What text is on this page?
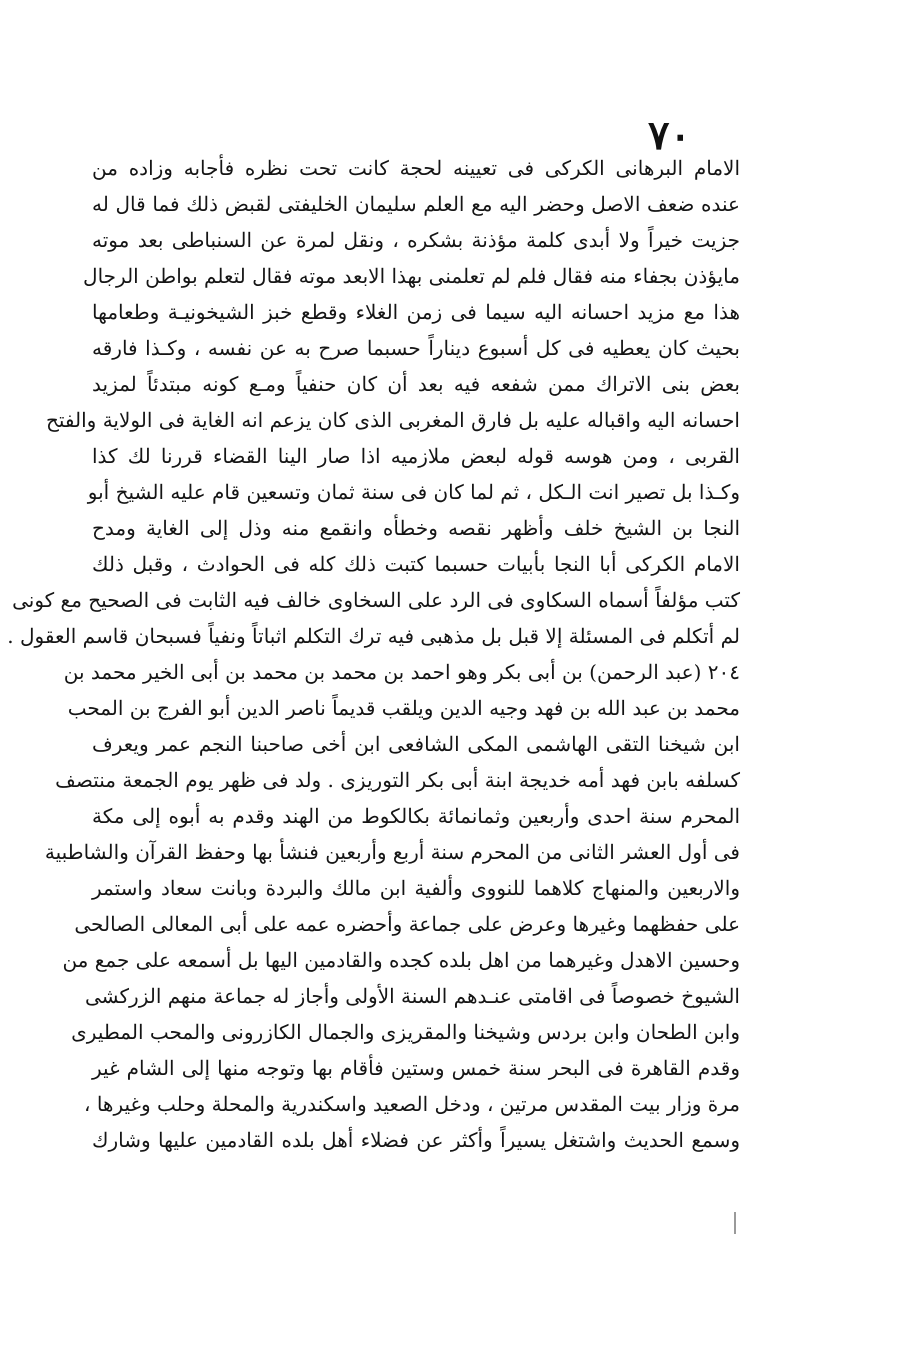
٧٠
الامام البرهانى الكركى فى تعيينه لحجة كانت تحت نظره فأجابه وزاده من
عنده ضعف الاصل وحضر اليه مع العلم سليمان الخليفتى لقبض ذلك فما قال له
جزيت خيراً ولا أبدى كلمة مؤذنة بشكره ، ونقل لمرة عن السنباطى بعد موته
مايؤذن بجفاء منه فقال فلم لم تعلمنى بهذا الابعد موته فقال لتعلم بواطن الرجال
هذا مع مزيد احسانه اليه سيما فى زمن الغلاء وقطع خبز الشيخونيـة وطعامها
بحيث كان يعطيه فى كل أسبوع ديناراً حسبما صرح به عن نفسه ، وكـذا فارقه
بعض بنى الاتراك ممن شفعه فيه بعد أن كان حنفياً ومـع كونه مبتدئاً لمزيد
احسانه اليه واقباله عليه بل فارق المغربى الذى كان يزعم انه الغاية فى الولاية والفتح
القربى ، ومن هوسه قوله لبعض ملازميه اذا صار الينا القضاء قررنا لك كذا
وكـذا بل تصير انت الـكل ، ثم لما كان فى سنة ثمان وتسعين قام عليه الشيخ أبو
النجا بن الشيخ خلف وأظهر نقصه وخطأه وانقمع منه وذل إلى الغاية ومدح
الامام الكركى أبا النجا بأبيات حسبما كتبت ذلك كله فى الحوادث ، وقبل ذلك
كتب مؤلفاً أسماه السكاوى فى الرد على السخاوى خالف فيه الثابت فى الصحيح مع كونى
لم أتكلم فى المسئلة إلا قبل بل مذهبى فيه ترك التكلم اثباتاً ونفياً فسبحان قاسم العقول .
٢٠٤ (عبد الرحمن) بن أبى بكر وهو احمد بن محمد بن محمد بن أبى الخير محمد بن
محمد بن عبد الله بن فهد وجيه الدين ويلقب قديماً ناصر الدين أبو الفرج بن المحب
ابن شيخنا التقى الهاشمى المكى الشافعى ابن أخى صاحبنا النجم عمر ويعرف
كسلفه بابن فهد أمه خديجة ابنة أبى بكر التوريزى . ولد فى ظهر يوم الجمعة منتصف
المحرم سنة احدى وأربعين وثمانمائة بكالكوط من الهند وقدم به أبوه إلى مكة
فى أول العشر الثانى من المحرم سنة أربع وأربعين فنشأ بها وحفظ القرآن والشاطبية
والاربعين والمنهاج كلاهما للنووى وألفية ابن مالك والبردة وبانت سعاد واستمر
على حفظهما وغيرها وعرض على جماعة وأحضره عمه على أبى المعالى الصالحى
وحسين الاهدل وغيرهما من اهل بلده كجده والقادمين اليها بل أسمعه على جمع من
الشيوخ خصوصاً فى اقامتى عنـدهم السنة الأولى وأجاز له جماعة منهم الزركشى
وابن الطحان وابن بردس وشيخنا والمقريزى والجمال الكازرونى والمحب المطيرى
وقدم القاهرة فى البحر سنة خمس وستين فأقام بها وتوجه منها إلى الشام غير
مرة وزار بيت المقدس مرتين ، ودخل الصعيد واسكندرية والمحلة وحلب وغيرها ،
وسمع الحديث واشتغل يسيراً وأكثر عن فضلاء أهل بلده القادمين عليها وشارك
